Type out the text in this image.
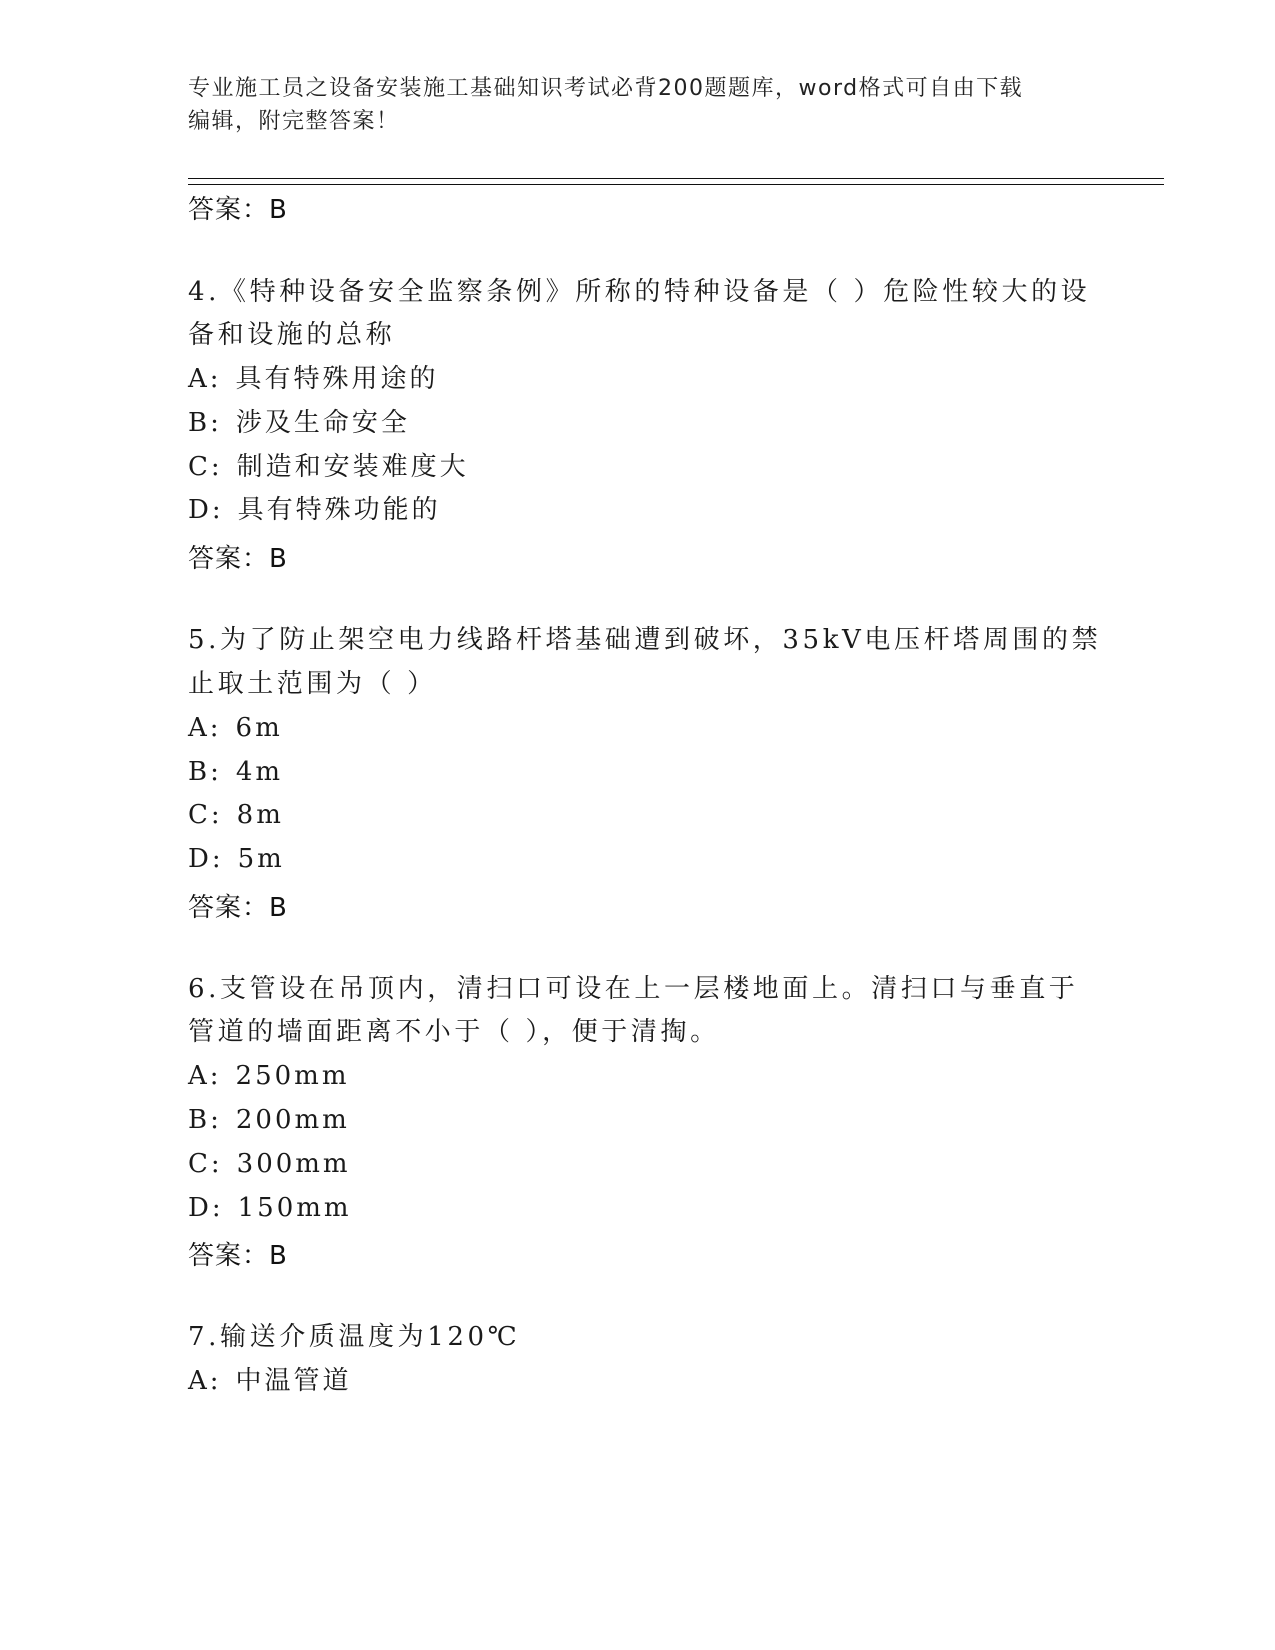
专业施工员之设备安装施工基础知识考试必背200题题库，word格式可自由下载
编辑，附完整答案！
答案：B
4.《特种设备安全监察条例》所称的特种设备是（ ）危险性较大的设
备和设施的总称
A: 具有特殊用途的
B: 涉及生命安全
C: 制造和安装难度大
D: 具有特殊功能的
答案：B
5.为了防止架空电力线路杆塔基础遭到破坏，35kV电压杆塔周围的禁
止取土范围为（ ）
A: 6m
B: 4m
C: 8m
D: 5m
答案：B
6.支管设在吊顶内，清扫口可设在上一层楼地面上。清扫口与垂直于
管道的墙面距离不小于（ ），便于清掏。
A: 250mm
B: 200mm
C: 300mm
D: 150mm
答案：B
7.输送介质温度为120℃
A: 中温管道
